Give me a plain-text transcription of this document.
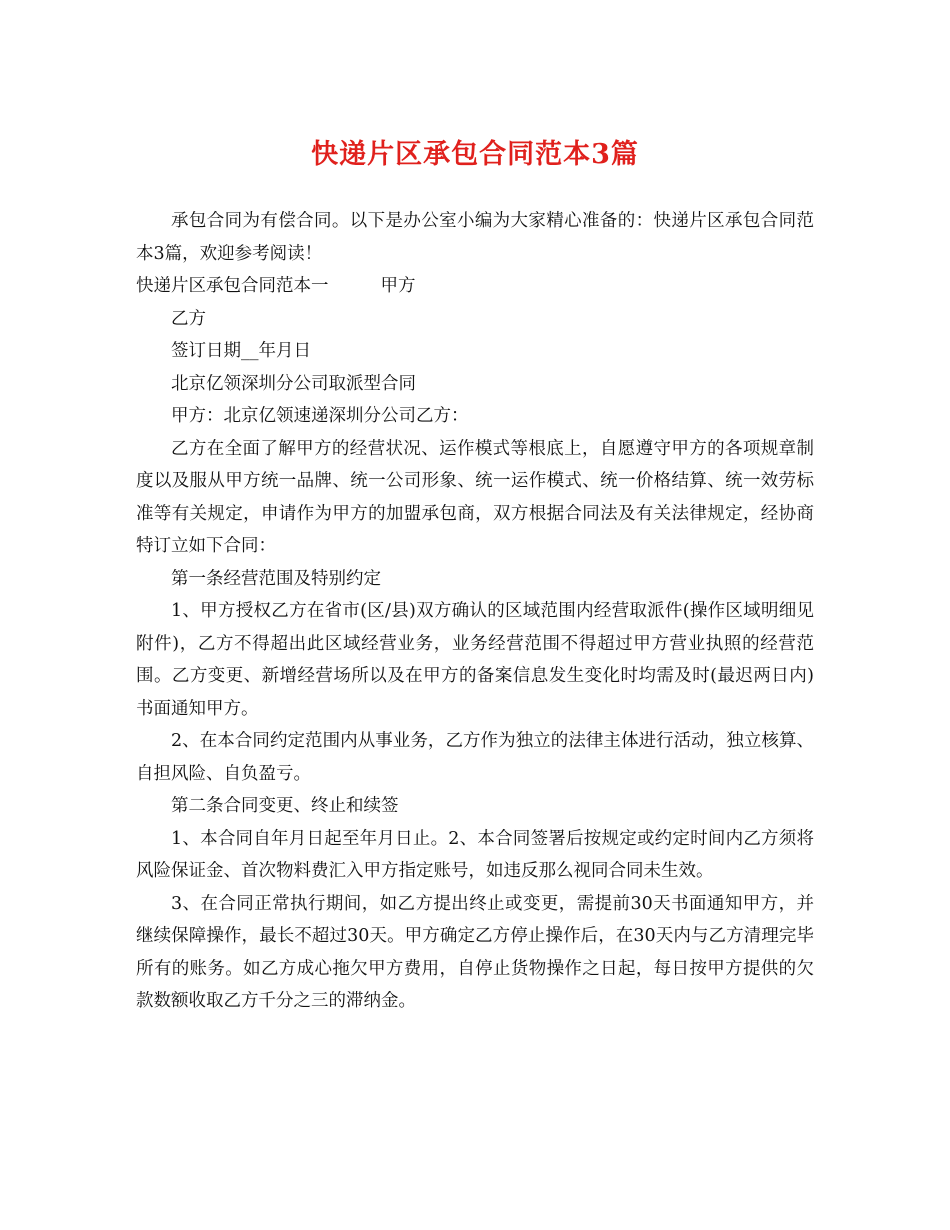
快递片区承包合同范本3篇

承包合同为有偿合同。以下是办公室小编为大家精心准备的：快递片区承包合同范本3篇，欢迎参考阅读！

快递片区承包合同范本一	甲方

乙方

签订日期__年月日

北京亿领深圳分公司取派型合同

甲方：北京亿领速递深圳分公司乙方：

乙方在全面了解甲方的经营状况、运作模式等根底上，自愿遵守甲方的各项规章制度以及服从甲方统一品牌、统一公司形象、统一运作模式、统一价格结算、统一效劳标准等有关规定，申请作为甲方的加盟承包商，双方根据合同法及有关法律规定，经协商特订立如下合同：

第一条经营范围及特别约定

1、甲方授权乙方在省市(区/县)双方确认的区域范围内经营取派件(操作区域明细见附件)，乙方不得超出此区域经营业务，业务经营范围不得超过甲方营业执照的经营范围。乙方变更、新增经营场所以及在甲方的备案信息发生变化时均需及时(最迟两日内)书面通知甲方。

2、在本合同约定范围内从事业务，乙方作为独立的法律主体进行活动，独立核算、自担风险、自负盈亏。

第二条合同变更、终止和续签

1、本合同自年月日起至年月日止。2、本合同签署后按规定或约定时间内乙方须将风险保证金、首次物料费汇入甲方指定账号，如违反那么视同合同未生效。

3、在合同正常执行期间，如乙方提出终止或变更，需提前30天书面通知甲方，并继续保障操作，最长不超过30天。甲方确定乙方停止操作后，在30天内与乙方清理完毕所有的账务。如乙方成心拖欠甲方费用，自停止货物操作之日起，每日按甲方提供的欠款数额收取乙方千分之三的滞纳金。
